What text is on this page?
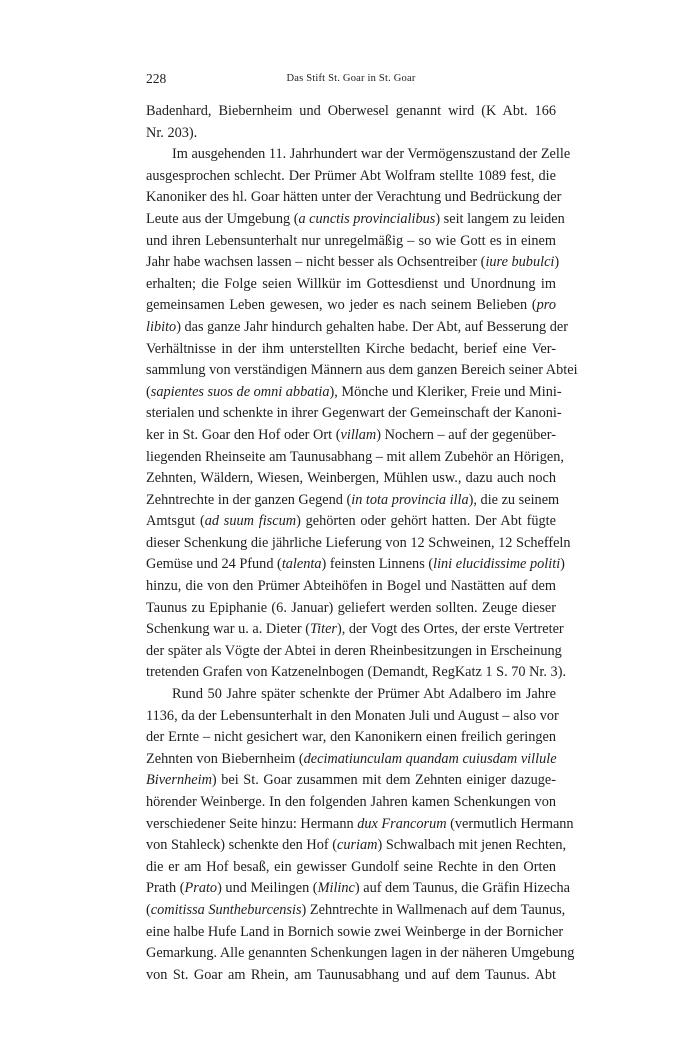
228	Das Stift St. Goar in St. Goar
Badenhard, Biebernheim und Oberwesel genannt wird (K Abt. 166
Nr. 203).
Im ausgehenden 11. Jahrhundert war der Vermögenszustand der Zelle
ausgesprochen schlecht. Der Prümer Abt Wolfram stellte 1089 fest, die
Kanoniker des hl. Goar hätten unter der Verachtung und Bedrückung der
Leute aus der Umgebung (a cunctis provincialibus) seit langem zu leiden
und ihren Lebensunterhalt nur unregelmäßig – so wie Gott es in einem
Jahr habe wachsen lassen – nicht besser als Ochsentreiber (iure bubulci)
erhalten; die Folge seien Willkür im Gottesdienst und Unordnung im
gemeinsamen Leben gewesen, wo jeder es nach seinem Belieben (pro
libito) das ganze Jahr hindurch gehalten habe. Der Abt, auf Besserung der
Verhältnisse in der ihm unterstellten Kirche bedacht, berief eine Ver-
sammlung von verständigen Männern aus dem ganzen Bereich seiner Abtei
(sapientes suos de omni abbatia), Mönche und Kleriker, Freie und Mini-
sterialen und schenkte in ihrer Gegenwart der Gemeinschaft der Kanoni-
ker in St. Goar den Hof oder Ort (villam) Nochern – auf der gegenüber-
liegenden Rheinseite am Taunusabhang – mit allem Zubehör an Hörigen,
Zehnten, Wäldern, Wiesen, Weinbergen, Mühlen usw., dazu auch noch
Zehntrechte in der ganzen Gegend (in tota provincia illa), die zu seinem
Amtsgut (ad suum fiscum) gehörten oder gehört hatten. Der Abt fügte
dieser Schenkung die jährliche Lieferung von 12 Schweinen, 12 Scheffeln
Gemüse und 24 Pfund (talenta) feinsten Linnens (lini elucidissime politi)
hinzu, die von den Prümer Abteihöfen in Bogel und Nastätten auf dem
Taunus zu Epiphanie (6. Januar) geliefert werden sollten. Zeuge dieser
Schenkung war u. a. Dieter (Titer), der Vogt des Ortes, der erste Vertreter
der später als Vögte der Abtei in deren Rheinbesitzungen in Erscheinung
tretenden Grafen von Katzenelnbogen (Demandt, RegKatz 1 S. 70 Nr. 3).
Rund 50 Jahre später schenkte der Prümer Abt Adalbero im Jahre
1136, da der Lebensunterhalt in den Monaten Juli und August – also vor
der Ernte – nicht gesichert war, den Kanonikern einen freilich geringen
Zehnten von Biebernheim (decimatiunculam quandam cuiusdam villule
Bivernheim) bei St. Goar zusammen mit dem Zehnten einiger dazuge-
hörender Weinberge. In den folgenden Jahren kamen Schenkungen von
verschiedener Seite hinzu: Hermann dux Francorum (vermutlich Hermann
von Stahleck) schenkte den Hof (curiam) Schwalbach mit jenen Rechten,
die er am Hof besaß, ein gewisser Gundolf seine Rechte in den Orten
Prath (Prato) und Meilingen (Milinc) auf dem Taunus, die Gräfin Hizecha
(comitissa Suntheburcensis) Zehntrechte in Wallmenach auf dem Taunus,
eine halbe Hufe Land in Bornich sowie zwei Weinberge in der Bornicher
Gemarkung. Alle genannten Schenkungen lagen in der näheren Umgebung
von St. Goar am Rhein, am Taunusabhang und auf dem Taunus. Abt
